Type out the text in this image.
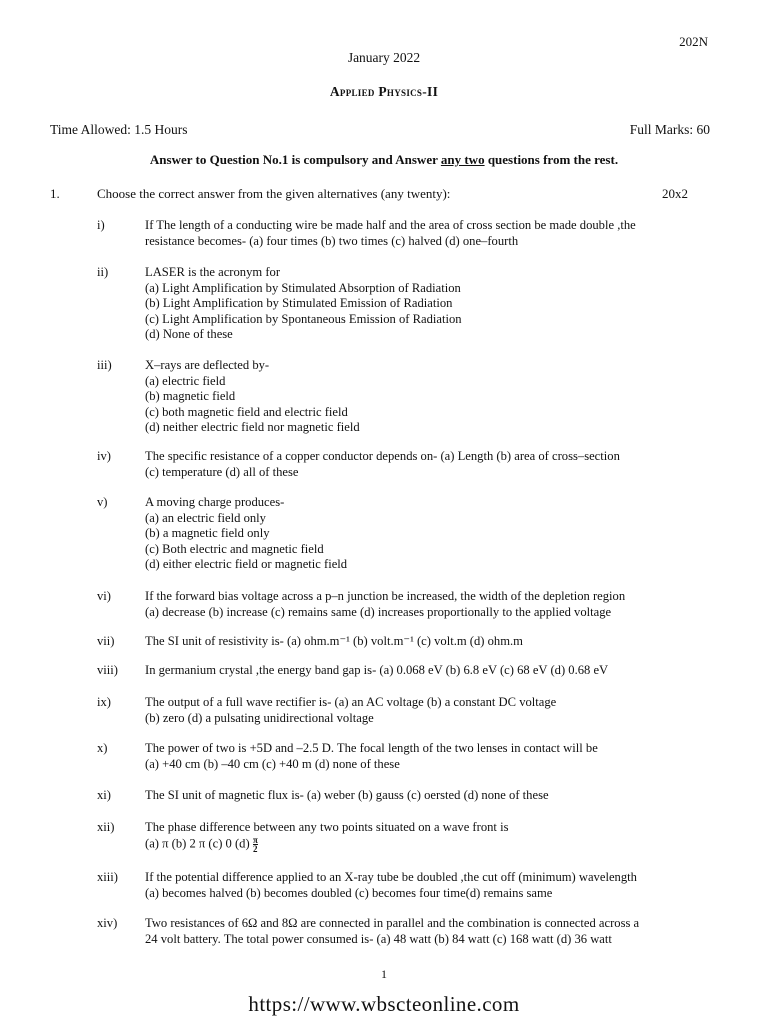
202N
January 2022
Applied Physics-II
Time Allowed: 1.5 Hours	Full Marks: 60
Answer to Question No.1 is compulsory and Answer any two questions from the rest.
1.	Choose the correct answer from the given alternatives (any twenty):	20x2
i)	If The length of a conducting wire be made half and the area of cross section be made double ,the
resistance becomes- (a) four times (b) two times (c) halved (d) one–fourth
ii)	LASER is the acronym for
(a) Light Amplification by Stimulated Absorption of Radiation
(b) Light Amplification by Stimulated Emission of Radiation
(c) Light Amplification by Spontaneous Emission of Radiation
(d) None of these
iii)	X–rays are deflected by-
(a) electric field
(b) magnetic field
(c) both magnetic field and electric field
(d) neither electric field nor magnetic field
iv)	The specific resistance of a copper conductor depends on- (a) Length (b) area of cross–section
(c) temperature (d) all of these
v)	A moving charge produces-
(a) an electric field only
(b) a magnetic field only
(c) Both electric and magnetic field
(d) either electric field or magnetic field
vi)	If the forward bias voltage across a p–n junction be increased, the width of the depletion region
(a) decrease (b) increase (c) remains same (d) increases proportionally to the applied voltage
vii) The SI unit of resistivity is- (a) ohm.m⁻¹ (b) volt.m⁻¹ (c) volt.m (d) ohm.m
viii) In germanium crystal ,the energy band gap is- (a) 0.068 eV (b) 6.8 eV (c) 68 eV (d) 0.68 eV
ix)	The output of a full wave rectifier is- (a) an AC voltage (b) a constant DC voltage
(b) zero (d) a pulsating unidirectional voltage
x)	The power of two is +5D and –2.5 D. The focal length of the two lenses in contact will be
(a) +40 cm (b) –40 cm (c) +40 m (d) none of these
xi)	The SI unit of magnetic flux is- (a) weber (b) gauss (c) oersted (d) none of these
xii) The phase difference between any two points situated on a wave front is
(a) π (b) 2 π (c) 0 $(d) \frac{\pi}{2}$
xiii) If the potential difference applied to an X-ray tube be doubled ,the cut off (minimum) wavelength
(a) becomes halved (b) becomes doubled (c) becomes four time(d) remains same
xiv) Two resistances of 6Ω and 8Ω are connected in parallel and the combination is connected across a
24 volt battery. The total power consumed is- (a) 48 watt (b) 84 watt (c) 168 watt (d) 36 watt
1
https://www.wbscteonline.com
